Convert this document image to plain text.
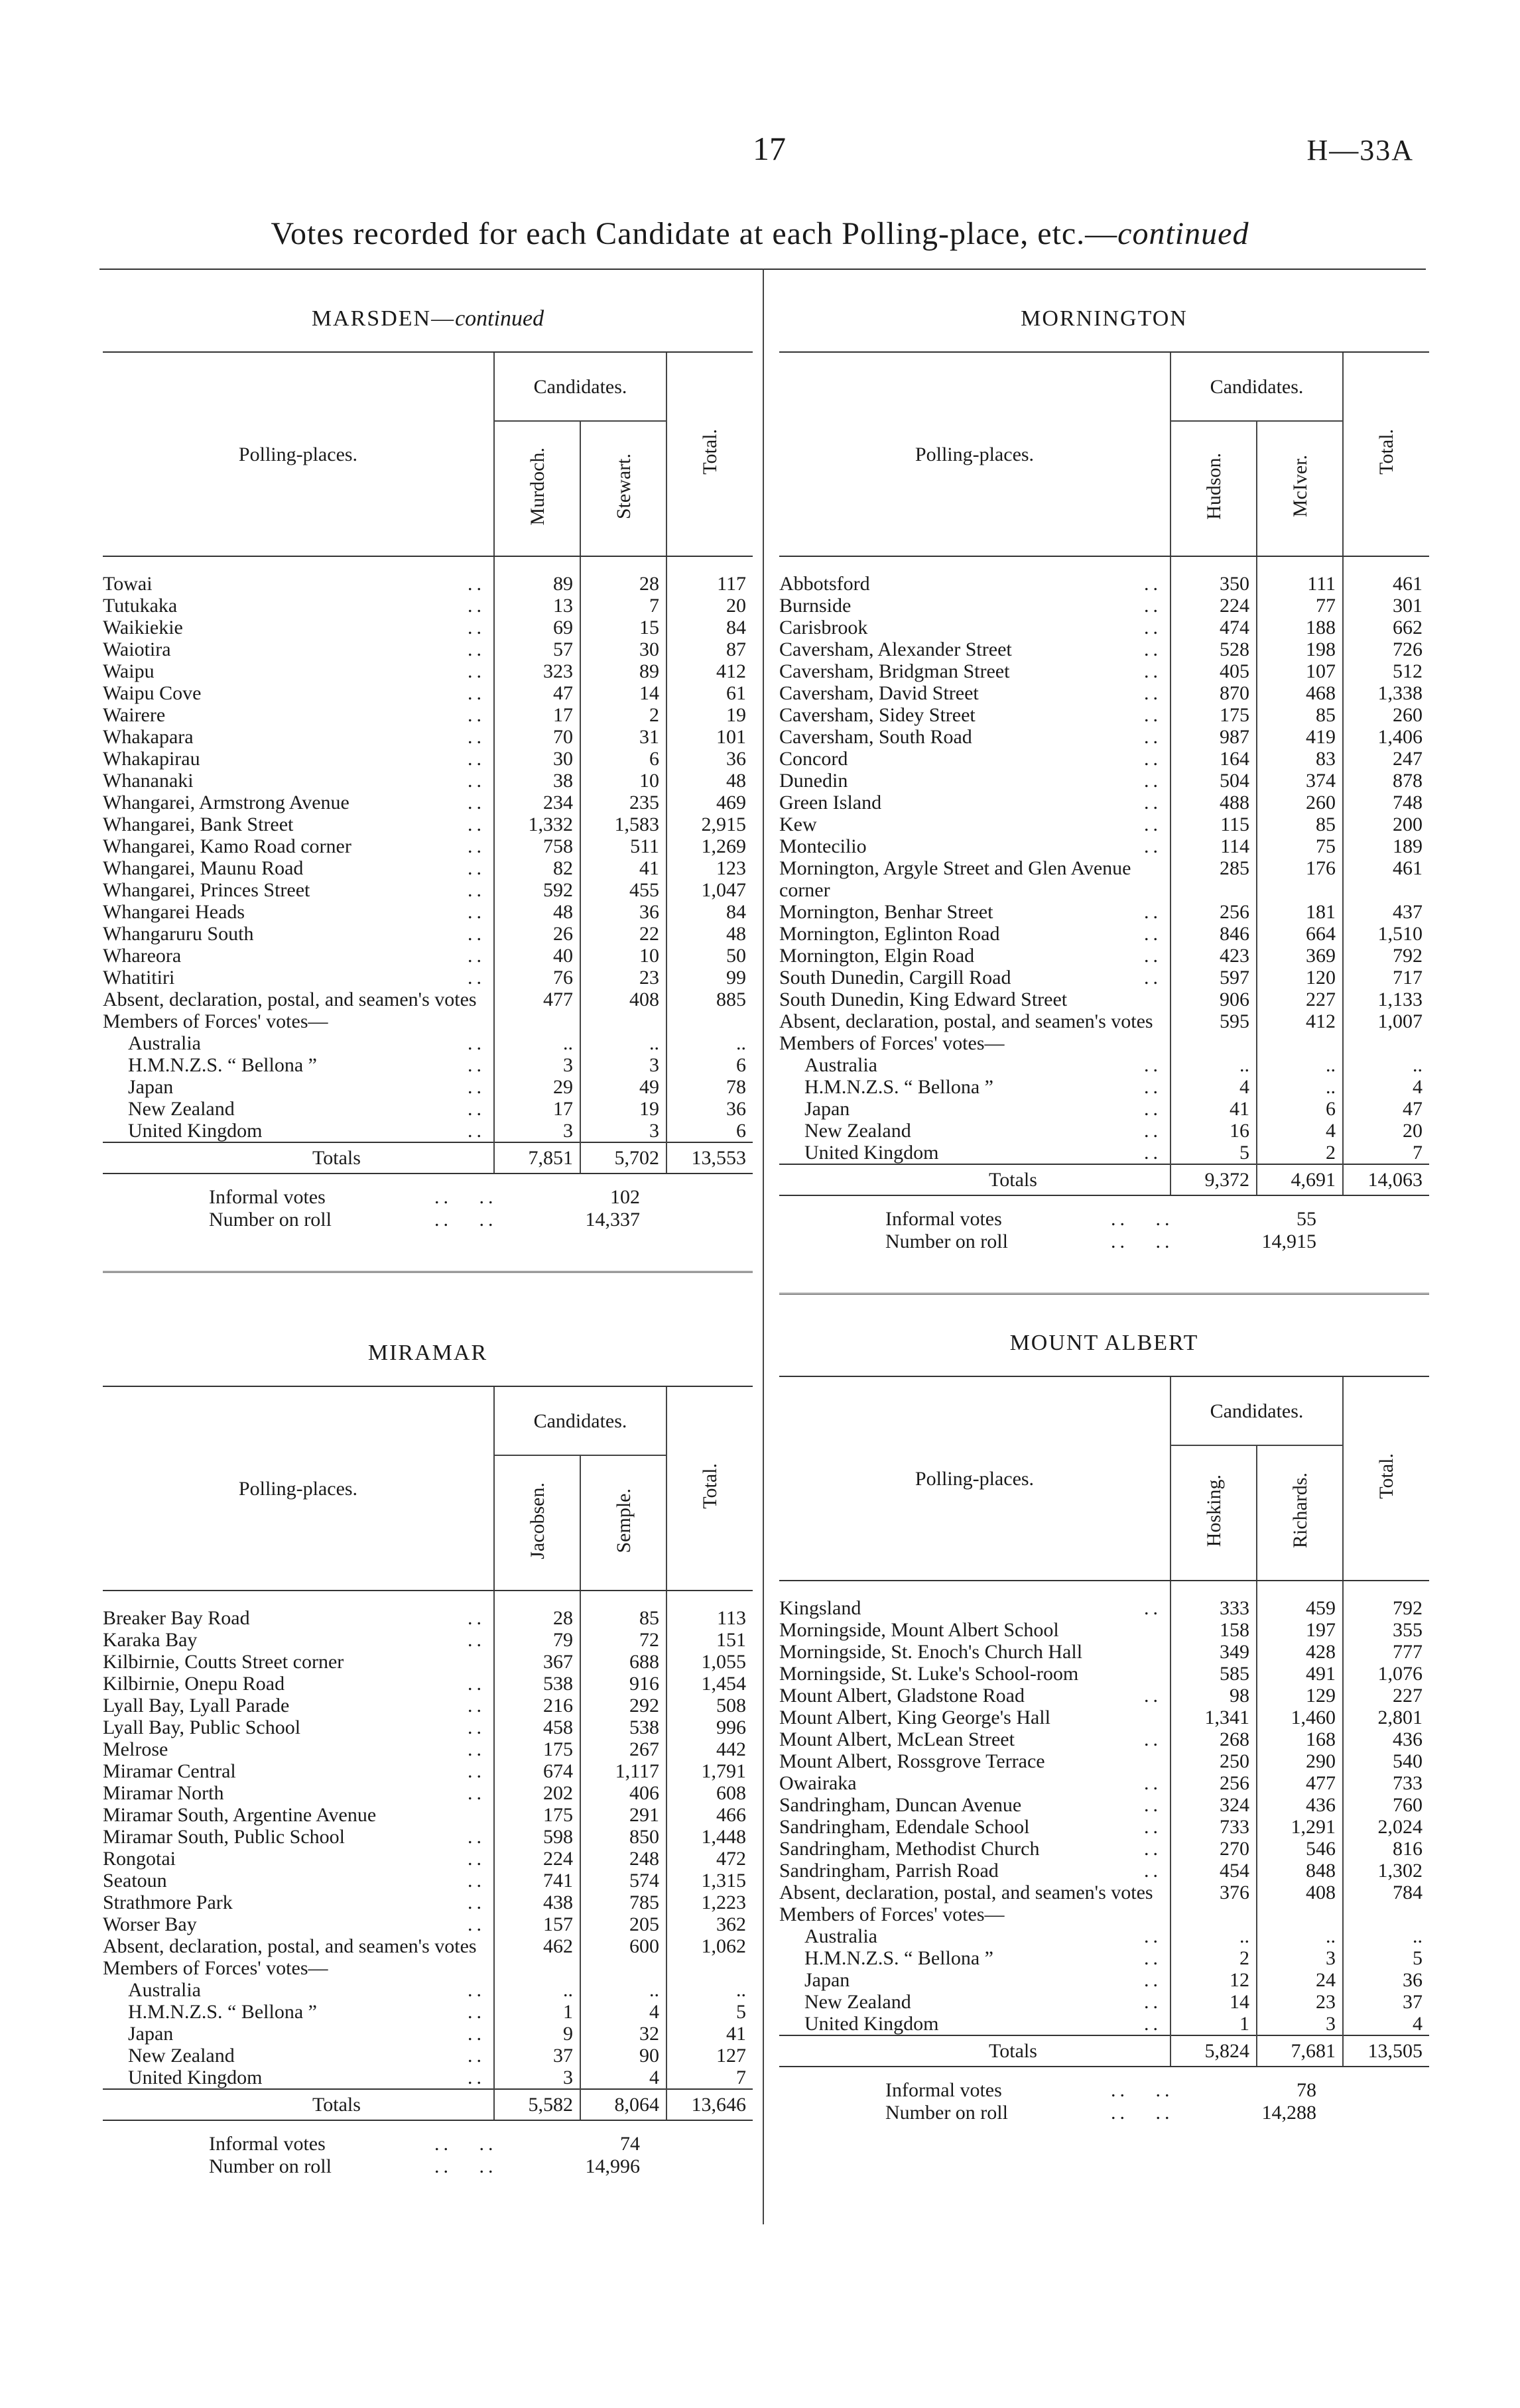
17	H—33A
Votes recorded for each Candidate at each Polling-place, etc.—continued
MARSDEN—continued
Polling-places.		Candidates.		Total.
		Murdoch.	Stewart.	
Towai	..	89	28	117
Tutukaka	..	13	7	20
Waikiekie	..	69	15	84
Waiotira	..	57	30	87
Waipu	..	323	89	412
Waipu Cove	..	47	14	61
Wairere	..	17	2	19
Whakapara	..	70	31	101
Whakapirau	..	30	6	36
Whananaki	..	38	10	48
Whangarei, Armstrong Avenue	..	234	235	469
Whangarei, Bank Street	..	1,332	1,583	2,915
Whangarei, Kamo Road corner	..	758	511	1,269
Whangarei, Maunu Road	..	82	41	123
Whangarei, Princes Street	..	592	455	1,047
Whangarei Heads	..	48	36	84
Whangaruru South	..	26	22	48
Whareora	..	40	10	50
Whatitiri	..	76	23	99
Absent, declaration, postal, and seamen's votes		477	408	885
Members of Forces' votes—				
Australia	..	..	..	..
H.M.N.Z.S. “ Bellona ”	..	3	3	6
Japan	..	29	49	78
New Zealand	..	17	19	36
United Kingdom	..	3	3	6
Totals		7,851	5,702	13,553
Informal votes	..   ..	102
Number on roll	..   ..	14,337
MIRAMAR
Polling-places.		Candidates.		Total.
		Jacobsen.	Semple.	
Breaker Bay Road	..	28	85	113
Karaka Bay	..	79	72	151
Kilbirnie, Coutts Street corner		367	688	1,055
Kilbirnie, Onepu Road	..	538	916	1,454
Lyall Bay, Lyall Parade	..	216	292	508
Lyall Bay, Public School	..	458	538	996
Melrose	..	175	267	442
Miramar Central	..	674	1,117	1,791
Miramar North	..	202	406	608
Miramar South, Argentine Avenue		175	291	466
Miramar South, Public School	..	598	850	1,448
Rongotai	..	224	248	472
Seatoun	..	741	574	1,315
Strathmore Park	..	438	785	1,223
Worser Bay	..	157	205	362
Absent, declaration, postal, and seamen's votes		462	600	1,062
Members of Forces' votes—				
Australia	..	..	..	..
H.M.N.Z.S. “ Bellona ”	..	1	4	5
Japan	..	9	32	41
New Zealand	..	37	90	127
United Kingdom	..	3	4	7
Totals		5,582	8,064	13,646
Informal votes	..   ..	74
Number on roll	..   ..	14,996
MORNINGTON
Polling-places.		Candidates.		Total.
		Hudson.	McIver.	
Abbotsford	..	350	111	461
Burnside	..	224	77	301
Carisbrook	..	474	188	662
Caversham, Alexander Street	..	528	198	726
Caversham, Bridgman Street	..	405	107	512
Caversham, David Street	..	870	468	1,338
Caversham, Sidey Street	..	175	85	260
Caversham, South Road	..	987	419	1,406
Concord	..	164	83	247
Dunedin	..	504	374	878
Green Island	..	488	260	748
Kew	..	115	85	200
Montecilio	..	114	75	189
Mornington, Argyle Street and Glen Avenue corner		285	176	461
Mornington, Benhar Street	..	256	181	437
Mornington, Eglinton Road	..	846	664	1,510
Mornington, Elgin Road	..	423	369	792
South Dunedin, Cargill Road	..	597	120	717
South Dunedin, King Edward Street		906	227	1,133
Absent, declaration, postal, and seamen's votes		595	412	1,007
Members of Forces' votes—				
Australia	..	..	..	..
H.M.N.Z.S. “ Bellona ”	..	4	..	4
Japan	..	41	6	47
New Zealand	..	16	4	20
United Kingdom	..	5	2	7
Totals		9,372	4,691	14,063
Informal votes	..   ..	55
Number on roll	..   ..	14,915
MOUNT ALBERT
Polling-places.		Candidates.		Total.
		Hosking.	Richards.	
Kingsland	..	333	459	792
Morningside, Mount Albert School		158	197	355
Morningside, St. Enoch's Church Hall		349	428	777
Morningside, St. Luke's School-room		585	491	1,076
Mount Albert, Gladstone Road	..	98	129	227
Mount Albert, King George's Hall		1,341	1,460	2,801
Mount Albert, McLean Street	..	268	168	436
Mount Albert, Rossgrove Terrace		250	290	540
Owairaka	..	256	477	733
Sandringham, Duncan Avenue	..	324	436	760
Sandringham, Edendale School	..	733	1,291	2,024
Sandringham, Methodist Church	..	270	546	816
Sandringham, Parrish Road	..	454	848	1,302
Absent, declaration, postal, and seamen's votes		376	408	784
Members of Forces' votes—				
Australia	..	..	..	..
H.M.N.Z.S. “ Bellona ”	..	2	3	5
Japan	..	12	24	36
New Zealand	..	14	23	37
United Kingdom	..	1	3	4
Totals		5,824	7,681	13,505
Informal votes	..   ..	78
Number on roll	..   ..	14,288
